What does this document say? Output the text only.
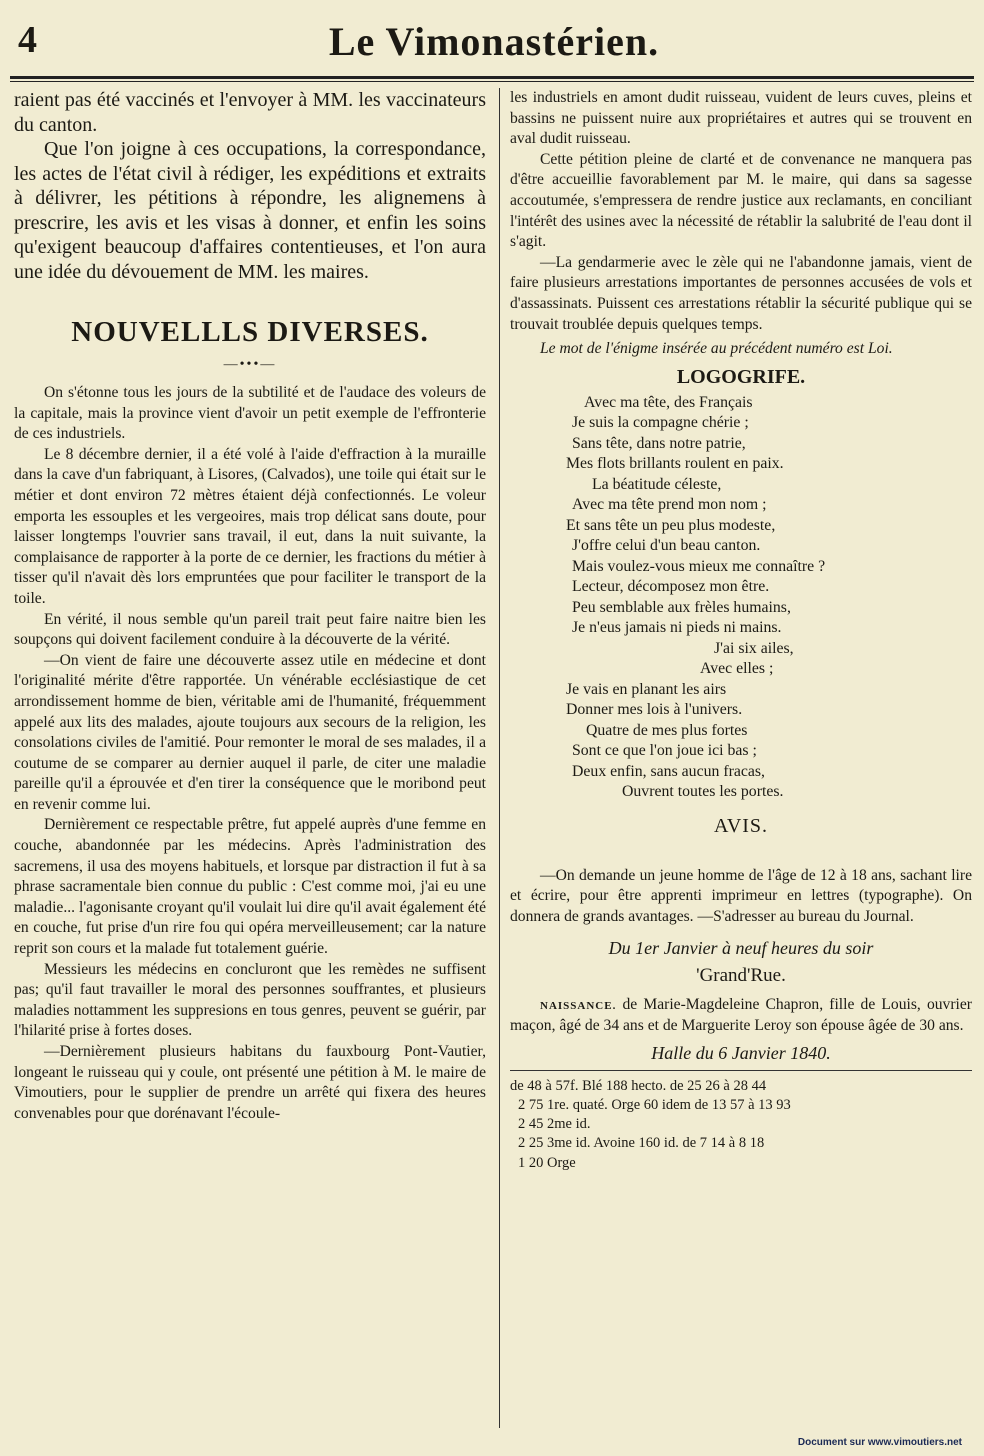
4	Le Vimonastérien.

raient pas été vaccinés et l'envoyer à MM. les vaccinateurs du canton.

Que l'on joigne à ces occupations, la correspondance, les actes de l'état civil à rédiger, les expéditions et extraits à délivrer, les pétitions à répondre, les alignemens à prescrire, les avis et les visas à donner, et enfin les soins qu'exigent beaucoup d'affaires contentieuses, et l'on aura une idée du dévouement de MM. les maires.

NOUVELLLS DIVERSES.
—•••—

On s'étonne tous les jours de la subtilité et de l'audace des voleurs de la capitale, mais la province vient d'avoir un petit exemple de l'effronterie de ces industriels.

Le 8 décembre dernier, il a été volé à l'aide d'effraction à la muraille dans la cave d'un fabriquant, à Lisores, (Calvados), une toile qui était sur le métier et dont environ 72 mètres étaient déjà confectionnés. Le voleur emporta les essouples et les vergeoires, mais trop délicat sans doute, pour laisser longtemps l'ouvrier sans travail, il eut, dans la nuit suivante, la complaisance de rapporter à la porte de ce dernier, les fractions du métier à tisser qu'il n'avait dès lors empruntées que pour faciliter le transport de la toile.

En vérité, il nous semble qu'un pareil trait peut faire naitre bien les soupçons qui doivent facilement conduire à la découverte de la vérité.

—On vient de faire une découverte assez utile en médecine et dont l'originalité mérite d'être rapportée. Un vénérable ecclésiastique de cet arrondissement homme de bien, véritable ami de l'humanité, fréquemment appelé aux lits des malades, ajoute toujours aux secours de la religion, les consolations civiles de l'amitié. Pour remonter le moral de ses malades, il a coutume de se comparer au dernier auquel il parle, de citer une maladie pareille qu'il a éprouvée et d'en tirer la conséquence que le moribond peut en revenir comme lui.

Dernièrement ce respectable prêtre, fut appelé auprès d'une femme en couche, abandonnée par les médecins. Après l'administration des sacremens, il usa des moyens habituels, et lorsque par distraction il fut à sa phrase sacramentale bien connue du public : C'est comme moi, j'ai eu une maladie... l'agonisante croyant qu'il voulait lui dire qu'il avait également été en couche, fut prise d'un rire fou qui opéra merveilleusement; car la nature reprit son cours et la malade fut totalement guérie.

Messieurs les médecins en concluront que les remèdes ne suffisent pas; qu'il faut travailler le moral des personnes souffrantes, et plusieurs maladies nottamment les suppresions en tous genres, peuvent se guérir, par l'hilarité prise à fortes doses.

—Dernièrement plusieurs habitans du fauxbourg Pont-Vautier, longeant le ruisseau qui y coule, ont présenté une pétition à M. le maire de Vimoutiers, pour le supplier de prendre un arrêté qui fixera des heures convenables pour que dorénavant l'écoule-

les industriels en amont dudit ruisseau, vuident de leurs cuves, pleins et bassins ne puissent nuire aux propriétaires et autres qui se trouvent en aval dudit ruisseau.

Cette pétition pleine de clarté et de convenance ne manquera pas d'être accueillie favorablement par M. le maire, qui dans sa sagesse accoutumée, s'empressera de rendre justice aux reclamants, en conciliant l'intérêt des usines avec la nécessité de rétablir la salubrité de l'eau dont il s'agit.

—La gendarmerie avec le zèle qui ne l'abandonne jamais, vient de faire plusieurs arrestations importantes de personnes accusées de vols et d'assassinats. Puissent ces arrestations rétablir la sécurité publique qui se trouvait troublée depuis quelques temps.

Le mot de l'énigme insérée au précédent numéro est Loi.

LOGOGRIFE.
Avec ma tête, des Français
Je suis la compagne chérie ;
Sans tête, dans notre patrie,
Mes flots brillants roulent en paix.
La béatitude céleste,
Avec ma tête prend mon nom ;
Et sans tête un peu plus modeste,
J'offre celui d'un beau canton.
Mais voulez-vous mieux me connaître ?
Lecteur, décomposez mon être.
Peu semblable aux frèles humains,
Je n'eus jamais ni pieds ni mains.
J'ai six ailes,
Avec elles ;
Je vais en planant les airs
Donner mes lois à l'univers.
Quatre de mes plus fortes
Sont ce que l'on joue ici bas ;
Deux enfin, sans aucun fracas,
Ouvrent toutes les portes.
AVIS.

—On demande un jeune homme de l'âge de 12 à 18 ans, sachant lire et écrire, pour être apprenti imprimeur en lettres (typographe). On donnera de grands avantages. —S'adresser au bureau du Journal.

Du 1er Janvier à neuf heures du soir
'Grand'Rue.

NAISSANCE. de Marie-Magdeleine Chapron, fille de Louis, ouvrier maçon, âgé de 34 ans et de Marguerite Leroy son épouse âgée de 30 ans.

Halle du 6 Janvier 1840.
de 48 à 57f. Blé 188 hecto. de 25 26 à 28 44
2 75 1re. quaté. Orge 60 idem de 13 57 à 13 93
2 45 2me id.
2 25 3me id. Avoine 160 id. de 7 14 à 8 18
1 20 Orge
Document sur www.vimoutiers.net
